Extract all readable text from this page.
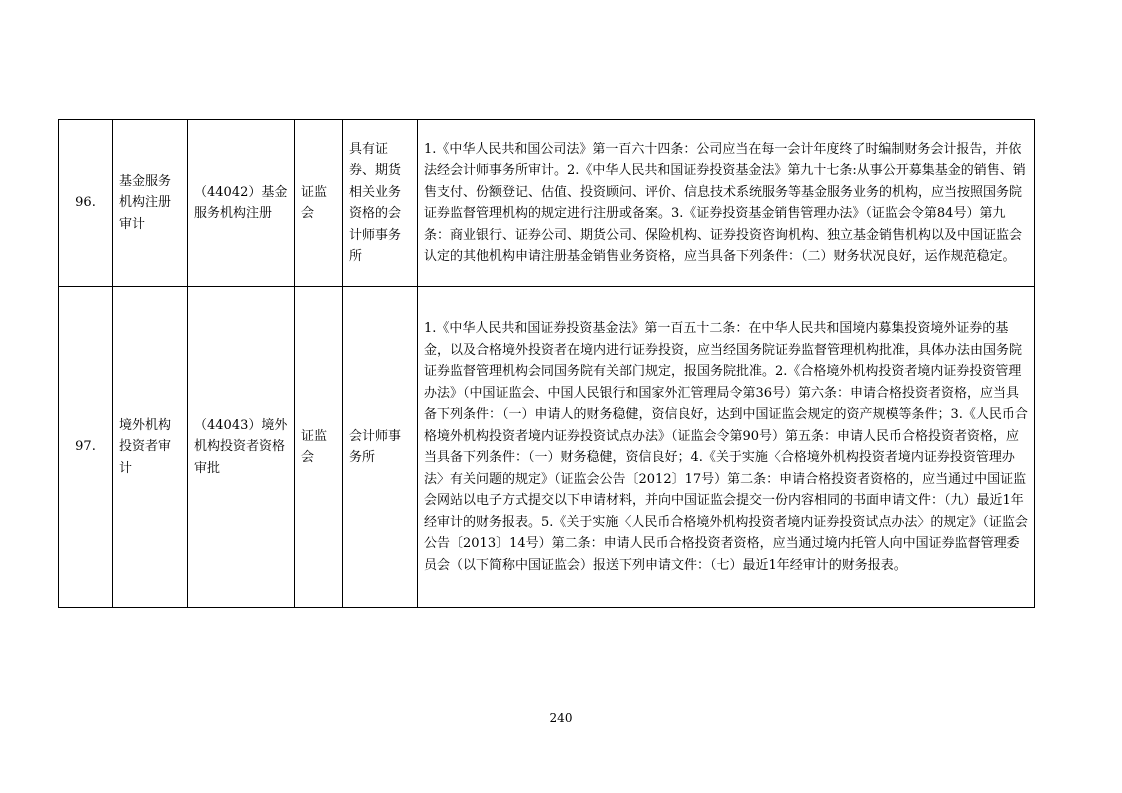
96.	基金服务机构注册审计	（44042）基金服务机构注册	证监会	具有证券、期货相关业务资格的会计师事务所	1.《中华人民共和国公司法》第一百六十四条：公司应当在每一会计年度终了时编制财务会计报告，并依法经会计师事务所审计。2.《中华人民共和国证券投资基金法》第九十七条:从事公开募集基金的销售、销售支付、份额登记、估值、投资顾问、评价、信息技术系统服务等基金服务业务的机构，应当按照国务院证券监督管理机构的规定进行注册或备案。3.《证券投资基金销售管理办法》（证监会令第84号）第九条：商业银行、证券公司、期货公司、保险机构、证券投资咨询机构、独立基金销售机构以及中国证监会认定的其他机构申请注册基金销售业务资格，应当具备下列条件：（二）财务状况良好，运作规范稳定。
97.	境外机构投资者审计	（44043）境外机构投资者资格审批	证监会	会计师事务所	1.《中华人民共和国证券投资基金法》第一百五十二条：在中华人民共和国境内募集投资境外证券的基金，以及合格境外投资者在境内进行证券投资，应当经国务院证券监督管理机构批准，具体办法由国务院证券监督管理机构会同国务院有关部门规定，报国务院批准。2.《合格境外机构投资者境内证券投资管理办法》（中国证监会、中国人民银行和国家外汇管理局令第36号）第六条：申请合格投资者资格，应当具备下列条件：（一）申请人的财务稳健，资信良好，达到中国证监会规定的资产规模等条件；3.《人民币合格境外机构投资者境内证券投资试点办法》（证监会令第90号）第五条：申请人民币合格投资者资格，应当具备下列条件：（一）财务稳健，资信良好；4.《关于实施〈合格境外机构投资者境内证券投资管理办法〉有关问题的规定》（证监会公告〔2012〕17号）第二条：申请合格投资者资格的，应当通过中国证监会网站以电子方式提交以下申请材料，并向中国证监会提交一份内容相同的书面申请文件：（九）最近1年经审计的财务报表。5.《关于实施〈人民币合格境外机构投资者境内证券投资试点办法〉的规定》（证监会公告〔2013〕14号）第二条：申请人民币合格投资者资格，应当通过境内托管人向中国证券监督管理委员会（以下简称中国证监会）报送下列申请文件：（七）最近1年经审计的财务报表。
240
